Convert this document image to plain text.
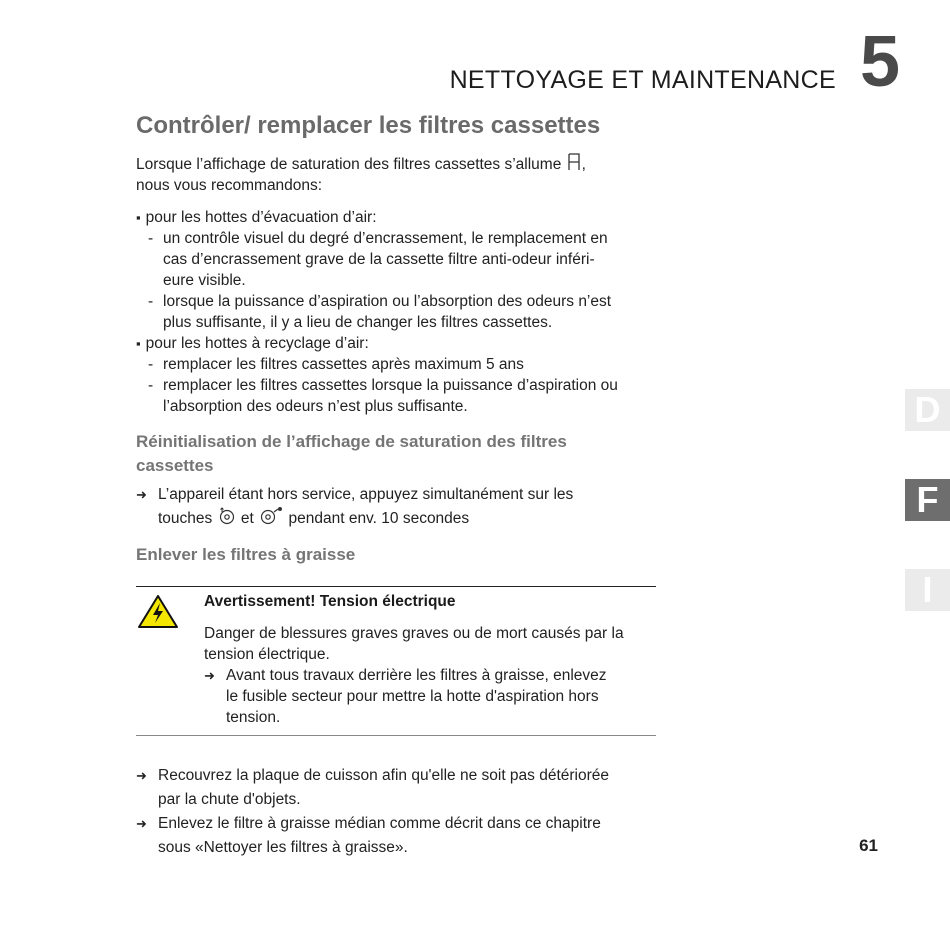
NETTOYAGE ET MAINTENANCE 5
Contrôler/ remplacer les filtres cassettes
Lorsque l’affichage de saturation des filtres cassettes s’allume ,
nous vous recommandons:
▪ pour les hottes d’évacuation d’air:
- un contrôle visuel du degré d’encrassement, le remplacement en
cas d’encrassement grave de la cassette filtre anti-odeur inféri-
eure visible.
- lorsque la puissance d’aspiration ou l’absorption des odeurs n’est
plus suffisante, il y a lieu de changer les filtres cassettes.
▪ pour les hottes à recyclage d’air:
- remplacer les filtres cassettes après maximum 5 ans
- remplacer les filtres cassettes lorsque la puissance d’aspiration ou
l’absorption des odeurs n’est plus suffisante.
Réinitialisation de l’affichage de saturation des filtres
cassettes
➜ L’appareil étant hors service, appuyez simultanément sur les
touches et pendant env. 10 secondes
Enlever les filtres à graisse
Avertissement! Tension électrique
Danger de blessures graves graves ou de mort causés par la
tension électrique.
➜ Avant tous travaux derrière les filtres à graisse, enlevez
le fusible secteur pour mettre la hotte d'aspiration hors
tension.
➜ Recouvrez la plaque de cuisson afin qu'elle ne soit pas détériorée
par la chute d'objets.
➜ Enlevez le filtre à graisse médian comme décrit dans ce chapitre
sous «Nettoyer les filtres à graisse».
D
F
I
61
